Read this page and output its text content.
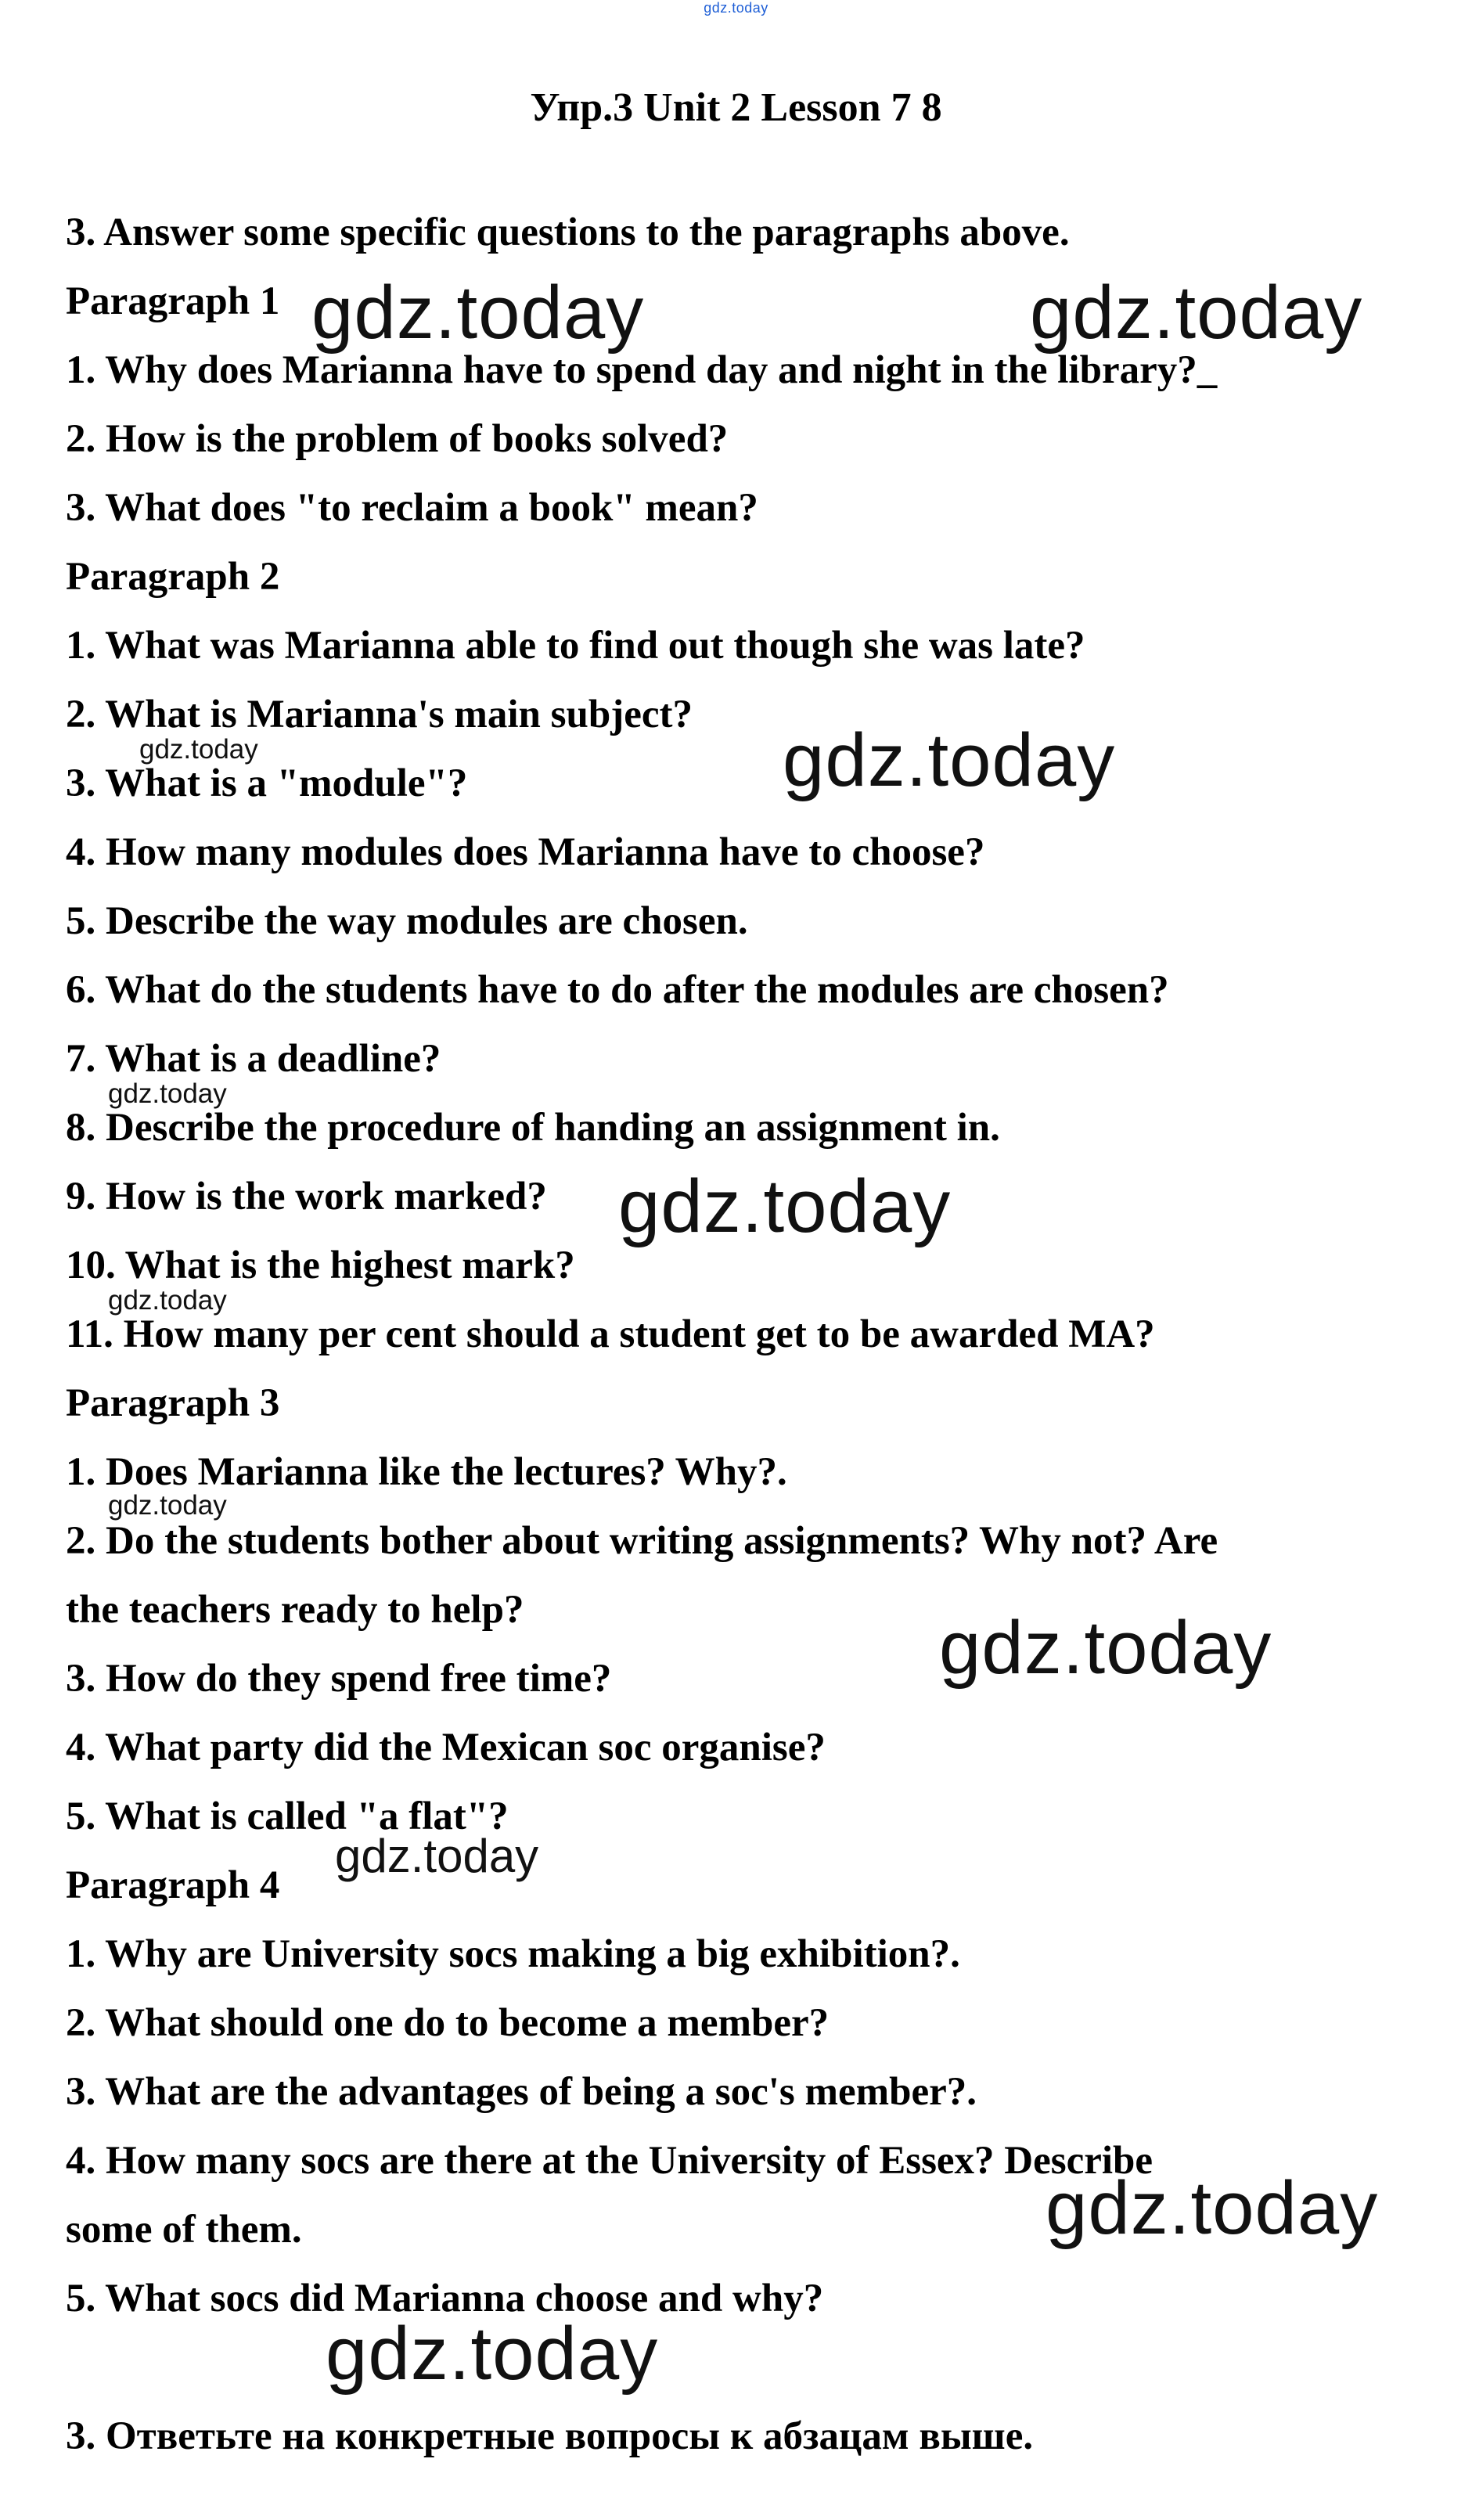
gdz.today
Упр.3 Unit 2 Lesson 7 8
3. Answer some specific questions to the paragraphs above.
Paragraph 1
1. Why does Marianna have to spend day and night in the library?_
2. How is the problem of books solved?
3. What does "to reclaim a book" mean?
Paragraph 2
1. What was Marianna able to find out though she was late?
2. What is Marianna's main subject?
3. What is a "module"?
4. How many modules does Marianna have to choose?
5. Describe the way modules are chosen.
6. What do the students have to do after the modules are chosen?
7. What is a deadline?
8. Describe the procedure of handing an assignment in.
9. How is the work marked?
10. What is the highest mark?
11. How many per cent should a student get to be awarded MA?
Paragraph 3
1. Does Marianna like the lectures? Why?.
2. Do the students bother about writing assignments? Why not? Are
the teachers ready to help?
3. How do they spend free time?
4. What party did the Mexican soc organise?
5. What is called "a flat"?
Paragraph 4
1. Why are University socs making a big exhibition?.
2. What should one do to become a member?
3. What are the advantages of being a soc's member?.
4. How many socs are there at the University of Essex? Describe
some of them.
5. What socs did Marianna choose and why?
3. Ответьте на конкретные вопросы к абзацам выше.
gdz.today	gdz.today
gdz.today	gdz.today
gdz.today
gdz.today
gdz.today
gdz.today
gdz.today
gdz.today
gdz.today
gdz.today
